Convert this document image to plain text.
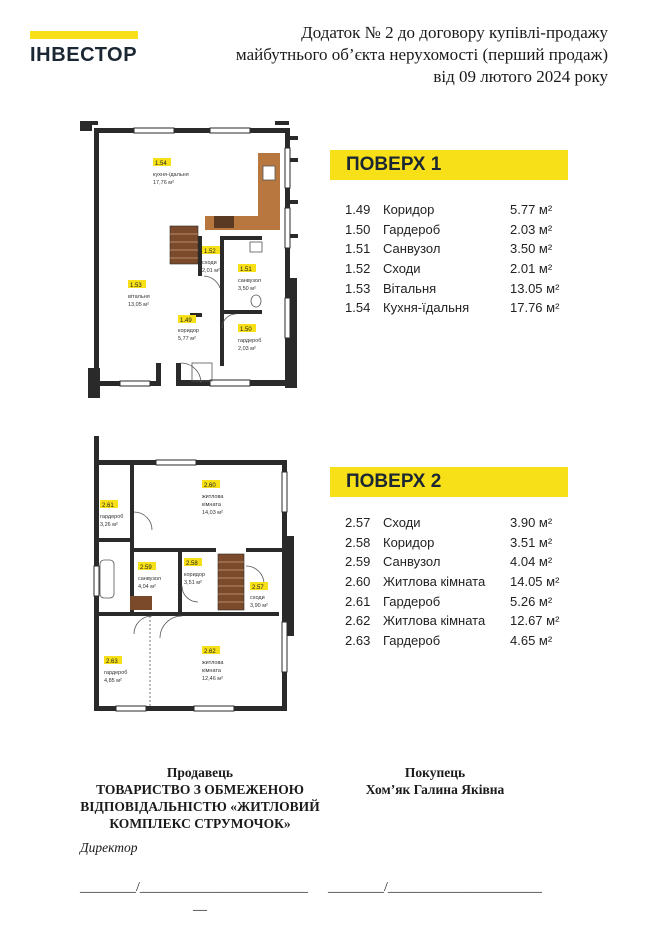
ІНВЕСТОР
Додаток № 2 до договору купівлі-продажу
майбутнього об’єкта нерухомості (перший продаж)
від 09 лютого 2024 року
1.54
кухня-їдальня
17,76 м²
1.52
сходи
2,01 м²	1.51
санвузол
3,50 м²
1.53
вітальня
13,05 м²
1.49
коридор
5,77 м²
1.50
гардероб
2,03 м²
ПОВЕРХ 1
1.49 Коридор	5.77 м²
1.50 Гардероб	2.03 м²
1.51 Санвузол	3.50 м²
1.52 Сходи	2.01 м²
1.53 Вітальня	13.05 м²
1.54 Кухня-їдальня	17.76 м²
2.60
житлова
кімната
14,03 м²
2.61
гардероб
3,26 м²
2.59
санвузол
4,04 м²
2.58
коридор
3,51 м²
2.57
сходи
3,90 м²
2.63
гардероб
4,85 м²
2.62
житлова
кімната
12,46 м²
ПОВЕРХ 2
2.57 Сходи	3.90 м²
2.58 Коридор	3.51 м²
2.59 Санвузол	4.04 м²
2.60 Житлова кімната 14.05 м²
2.61 Гардероб	5.26 м²
2.62 Житлова кімната 12.67 м²
2.63 Гардероб	4.65 м²
Продавець
ТОВАРИСТВО З ОБМЕЖЕНОЮ
ВІДПОВІДАЛЬНІСТЮ «ЖИТЛОВИЙ
КОМПЛЕКС СТРУМОЧОК»
Покупець
Хом’як Галина Яківна
Директор
________/________________________ ________/______________________
__
